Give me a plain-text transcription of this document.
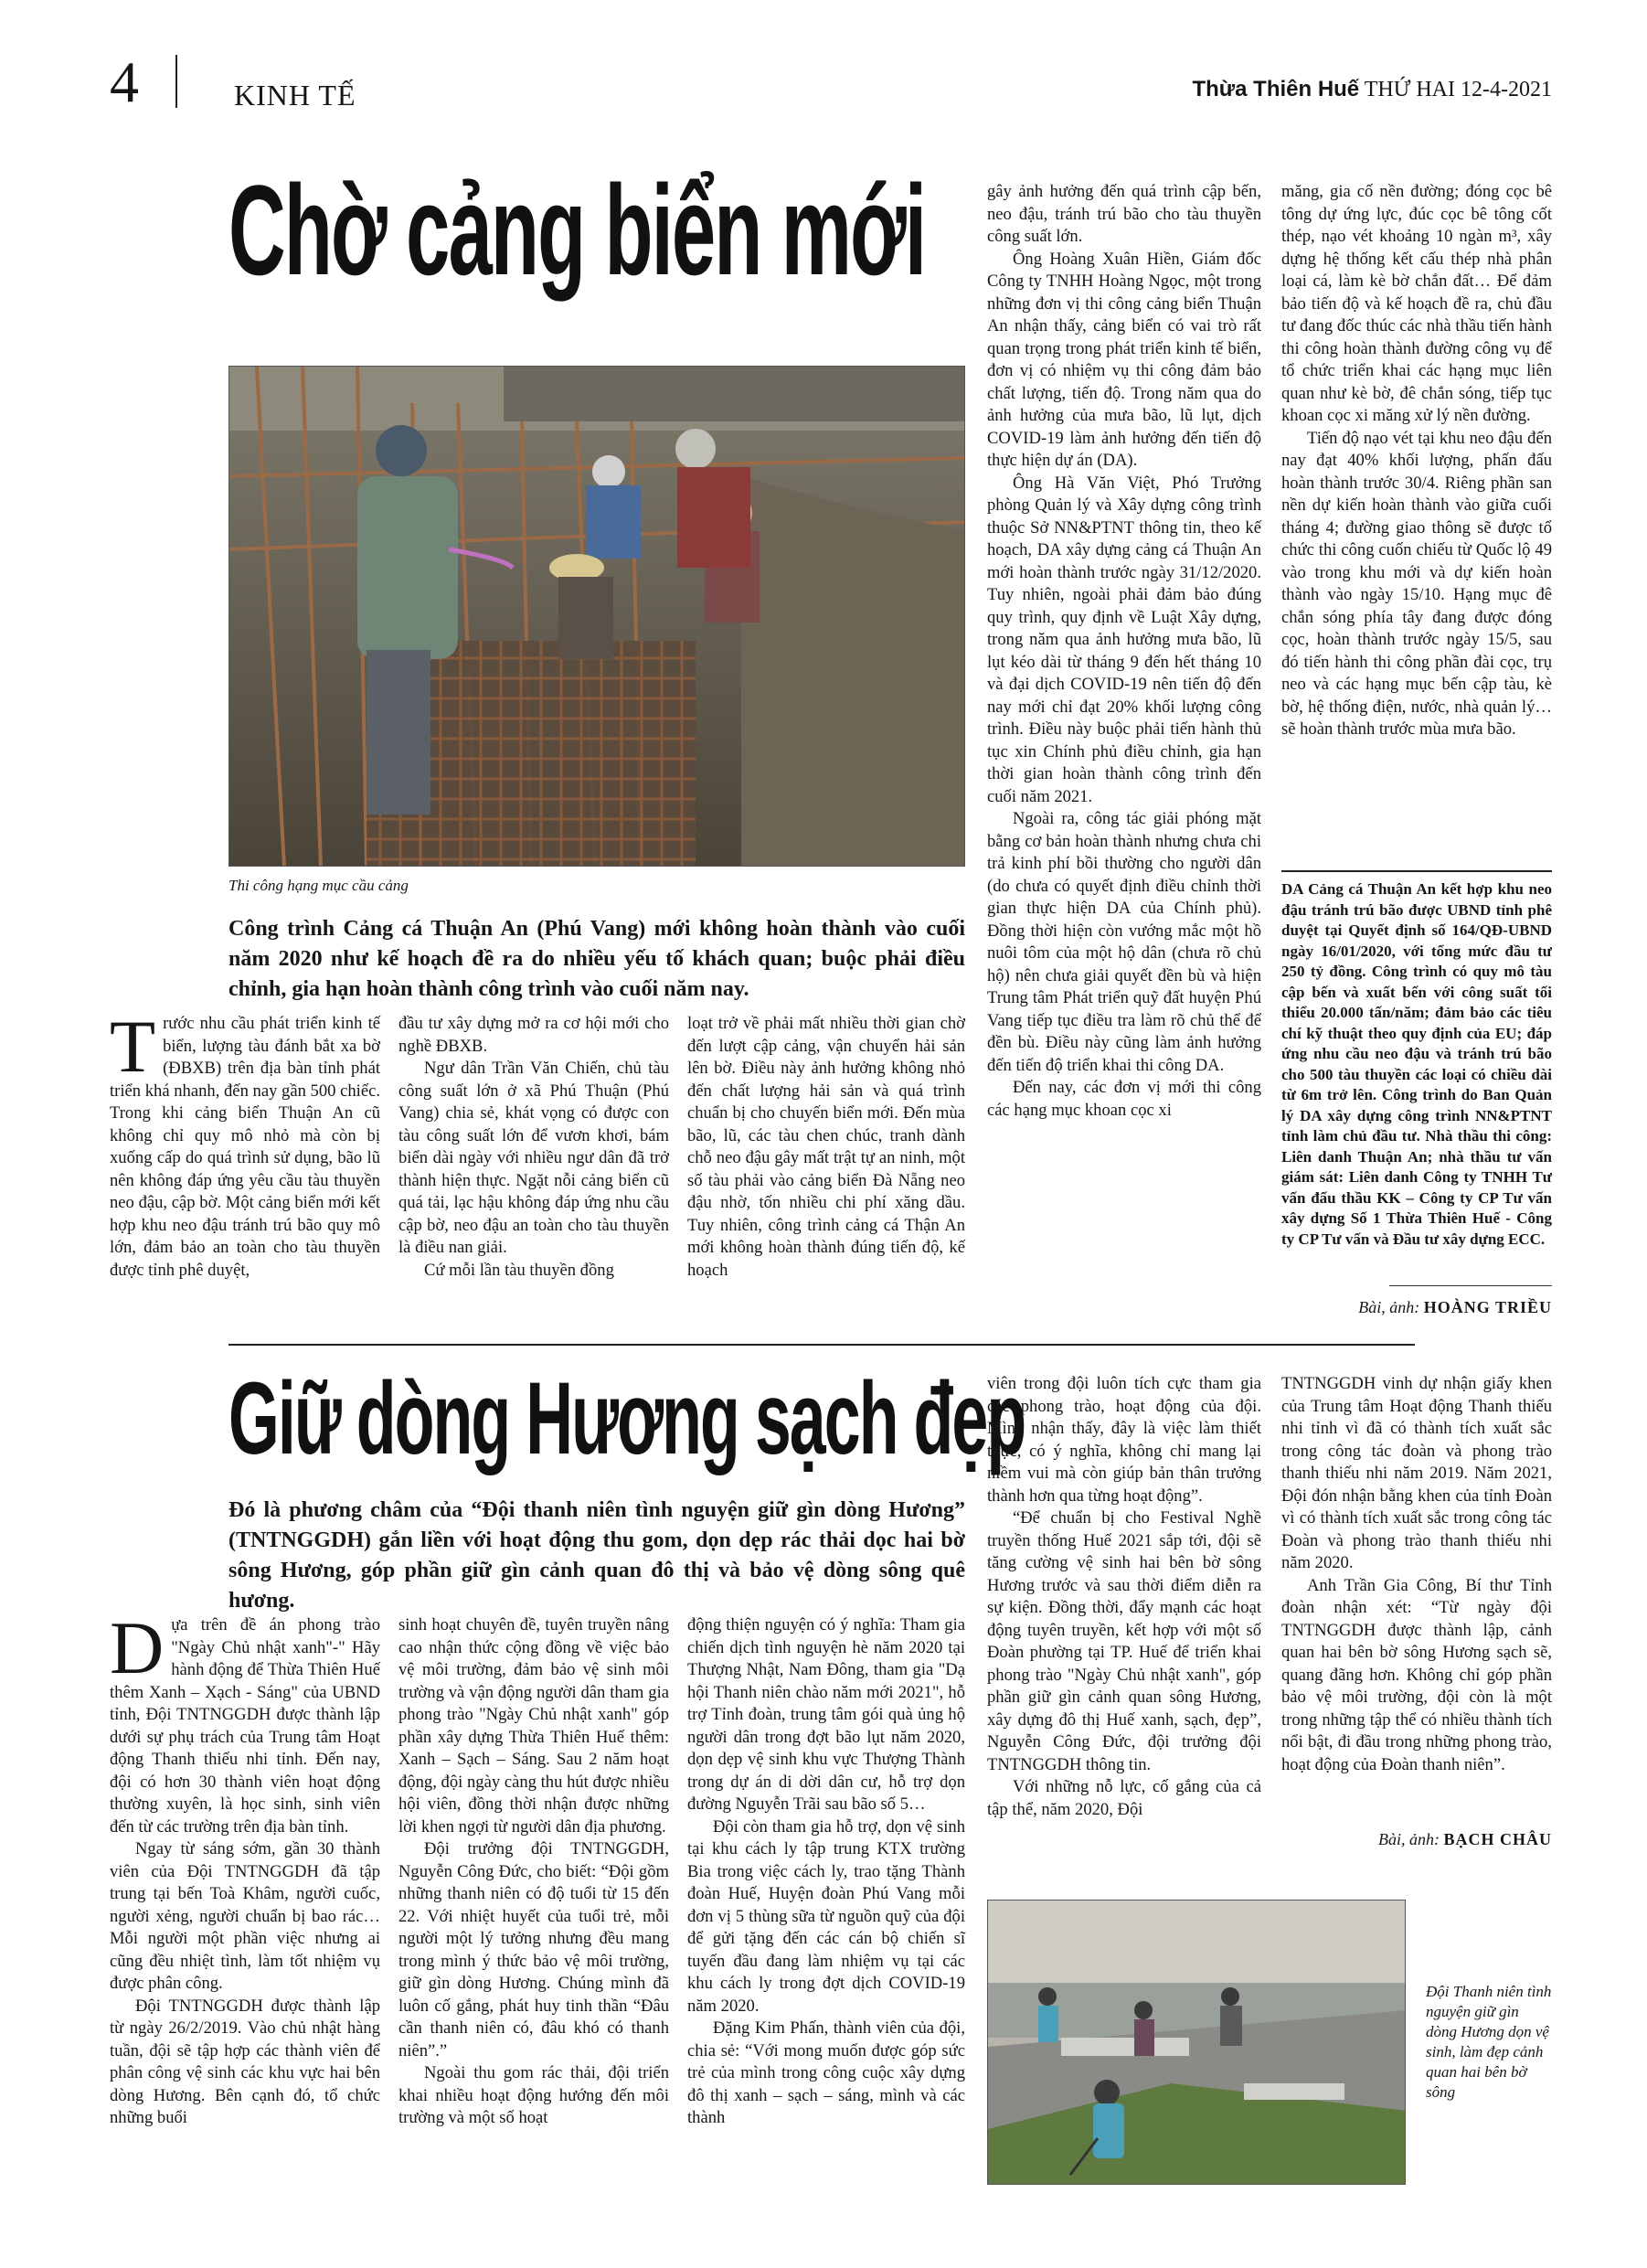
4	KINH TẾ	Thừa Thiên Huế THỨ HAI 12-4-2021
Chờ cảng biển mới
Thi công hạng mục cầu cảng
Công trình Cảng cá Thuận An (Phú Vang) mới không hoàn thành vào cuối năm 2020 như kế hoạch đề ra do nhiều yếu tố khách quan; buộc phải điều chỉnh, gia hạn hoàn thành công trình vào cuối năm nay.

Trước nhu cầu phát triển kinh tế biển, lượng tàu đánh bắt xa bờ (ĐBXB) trên địa bàn tỉnh phát triển khá nhanh, đến nay gần 500 chiếc. Trong khi cảng biển Thuận An cũ không chỉ quy mô nhỏ mà còn bị xuống cấp do quá trình sử dụng, bão lũ nên không đáp ứng yêu cầu tàu thuyền neo đậu, cập bờ. Một cảng biển mới kết hợp khu neo đậu tránh trú bão quy mô lớn, đảm bảo an toàn cho tàu thuyền được tỉnh phê duyệt,

đầu tư xây dựng mở ra cơ hội mới cho nghề ĐBXB.

Ngư dân Trần Văn Chiến, chủ tàu công suất lớn ở xã Phú Thuận (Phú Vang) chia sẻ, khát vọng có được con tàu công suất lớn để vươn khơi, bám biển dài ngày với nhiều ngư dân đã trở thành hiện thực. Ngặt nỗi cảng biển cũ quá tải, lạc hậu không đáp ứng nhu cầu cập bờ, neo đậu an toàn cho tàu thuyền là điều nan giải.

Cứ mỗi lần tàu thuyền đồng

loạt trở về phải mất nhiều thời gian chờ đến lượt cập cảng, vận chuyển hải sản lên bờ. Điều này ảnh hưởng không nhỏ đến chất lượng hải sản và quá trình chuẩn bị cho chuyến biển mới. Đến mùa bão, lũ, các tàu chen chúc, tranh dành chỗ neo đậu gây mất trật tự an ninh, một số tàu phải vào cảng biển Đà Nẵng neo đậu nhờ, tốn nhiều chi phí xăng dầu. Tuy nhiên, công trình cảng cá Thận An mới không hoàn thành đúng tiến độ, kế hoạch

gây ảnh hưởng đến quá trình cập bến, neo đậu, tránh trú bão cho tàu thuyền công suất lớn.

Ông Hoàng Xuân Hiền, Giám đốc Công ty TNHH Hoàng Ngọc, một trong những đơn vị thi công cảng biển Thuận An nhận thấy, cảng biển có vai trò rất quan trọng trong phát triển kinh tế biển, đơn vị có nhiệm vụ thi công đảm bảo chất lượng, tiến độ. Trong năm qua do ảnh hưởng của mưa bão, lũ lụt, dịch COVID-19 làm ảnh hưởng đến tiến độ thực hiện dự án (DA).

Ông Hà Văn Việt, Phó Trưởng phòng Quản lý và Xây dựng công trình thuộc Sở NN&PTNT thông tin, theo kế hoạch, DA xây dựng cảng cá Thuận An mới hoàn thành trước ngày 31/12/2020. Tuy nhiên, ngoài phải đảm bảo đúng quy trình, quy định về Luật Xây dựng, trong năm qua ảnh hưởng mưa bão, lũ lụt kéo dài từ tháng 9 đến hết tháng 10 và đại dịch COVID-19 nên tiến độ đến nay mới chỉ đạt 20% khối lượng công trình. Điều này buộc phải tiến hành thủ tục xin Chính phủ điều chỉnh, gia hạn thời gian hoàn thành công trình đến cuối năm 2021.

Ngoài ra, công tác giải phóng mặt bằng cơ bản hoàn thành nhưng chưa chi trả kinh phí bồi thường cho người dân (do chưa có quyết định điều chỉnh thời gian thực hiện DA của Chính phủ). Đồng thời hiện còn vướng mắc một hồ nuôi tôm của một hộ dân (chưa rõ chủ hộ) nên chưa giải quyết đền bù và hiện Trung tâm Phát triển quỹ đất huyện Phú Vang tiếp tục điều tra làm rõ chủ thể để đền bù. Điều này cũng làm ảnh hưởng đến tiến độ triển khai thi công DA.

Đến nay, các đơn vị mới thi công các hạng mục khoan cọc xi

măng, gia cố nền đường; đóng cọc bê tông dự ứng lực, đúc cọc bê tông cốt thép, nạo vét khoảng 10 ngàn m³, xây dựng hệ thống kết cấu thép nhà phân loại cá, làm kè bờ chắn đất… Để đảm bảo tiến độ và kế hoạch đề ra, chủ đầu tư đang đốc thúc các nhà thầu tiến hành thi công hoàn thành đường công vụ để tổ chức triển khai các hạng mục liên quan như kè bờ, đê chắn sóng, tiếp tục khoan cọc xi măng xử lý nền đường.

Tiến độ nạo vét tại khu neo đậu đến nay đạt 40% khối lượng, phấn đấu hoàn thành trước 30/4. Riêng phần san nền dự kiến hoàn thành vào giữa cuối tháng 4; đường giao thông sẽ được tổ chức thi công cuốn chiếu từ Quốc lộ 49 vào trong khu mới và dự kiến hoàn thành vào ngày 15/10. Hạng mục đê chắn sóng phía tây đang được đóng cọc, hoàn thành trước ngày 15/5, sau đó tiến hành thi công phần đài cọc, trụ neo và các hạng mục bến cập tàu, kè bờ, hệ thống điện, nước, nhà quản lý… sẽ hoàn thành trước mùa mưa bão.

DA Cảng cá Thuận An kết hợp khu neo đậu tránh trú bão được UBND tỉnh phê duyệt tại Quyết định số 164/QĐ-UBND ngày 16/01/2020, với tổng mức đầu tư 250 tỷ đồng. Công trình có quy mô tàu cập bến và xuất bến với công suất tối thiểu 20.000 tấn/năm; đảm bảo các tiêu chí kỹ thuật theo quy định của EU; đáp ứng nhu cầu neo đậu và tránh trú bão cho 500 tàu thuyền các loại có chiều dài từ 6m trở lên. Công trình do Ban Quản lý DA xây dựng công trình NN&PTNT tỉnh làm chủ đầu tư. Nhà thầu thi công: Liên danh Thuận An; nhà thầu tư vấn giám sát: Liên danh Công ty TNHH Tư vấn đấu thầu KK – Công ty CP Tư vấn xây dựng Số 1 Thừa Thiên Huế - Công ty CP Tư vấn và Đầu tư xây dựng ECC.
Bài, ảnh: HOÀNG TRIỀU
Giữ dòng Hương sạch đẹp
Đó là phương châm của “Đội thanh niên tình nguyện giữ gìn dòng Hương” (TNTNGGDH) gắn liền với hoạt động thu gom, dọn dẹp rác thải dọc hai bờ sông Hương, góp phần giữ gìn cảnh quan đô thị và bảo vệ dòng sông quê hương.

Dựa trên đề án phong trào "Ngày Chủ nhật xanh"-" Hãy hành động để Thừa Thiên Huế thêm Xanh – Xạch - Sáng" của UBND tỉnh, Đội TNTNGGDH được thành lập dưới sự phụ trách của Trung tâm Hoạt động Thanh thiếu nhi tỉnh. Đến nay, đội có hơn 30 thành viên hoạt động thường xuyên, là học sinh, sinh viên đến từ các trường trên địa bàn tỉnh.

Ngay từ sáng sớm, gần 30 thành viên của Đội TNTNGGDH đã tập trung tại bến Toà Khâm, người cuốc, người xẻng, người chuẩn bị bao rác… Mỗi người một phần việc nhưng ai cũng đều nhiệt tình, làm tốt nhiệm vụ được phân công.

Đội TNTNGGDH được thành lập từ ngày 26/2/2019. Vào chủ nhật hàng tuần, đội sẽ tập hợp các thành viên để phân công vệ sinh các khu vực hai bên dòng Hương. Bên cạnh đó, tổ chức những buổi

sinh hoạt chuyên đề, tuyên truyền nâng cao nhận thức cộng đồng về việc bảo vệ môi trường, đảm bảo vệ sinh môi trường và vận động người dân tham gia phong trào "Ngày Chủ nhật xanh" góp phần xây dựng Thừa Thiên Huế thêm: Xanh – Sạch – Sáng. Sau 2 năm hoạt động, đội ngày càng thu hút được nhiều hội viên, đồng thời nhận được những lời khen ngợi từ người dân địa phương.

Đội trưởng đội TNTNGGDH, Nguyễn Công Đức, cho biết: “Đội gồm những thanh niên có độ tuổi từ 15 đến 22. Với nhiệt huyết của tuổi trẻ, mỗi người một lý tưởng nhưng đều mang trong mình ý thức bảo vệ môi trường, giữ gìn dòng Hương. Chúng mình đã luôn cố gắng, phát huy tinh thần “Đâu cần thanh niên có, đâu khó có thanh niên”.”

Ngoài thu gom rác thải, đội triển khai nhiều hoạt động hướng đến môi trường và một số hoạt

động thiện nguyện có ý nghĩa: Tham gia chiến dịch tình nguyện hè năm 2020 tại Thượng Nhật, Nam Đông, tham gia "Dạ hội Thanh niên chào năm mới 2021", hỗ trợ Tỉnh đoàn, trung tâm gói quà ủng hộ người dân trong đợt bão lụt năm 2020, dọn dẹp vệ sinh khu vực Thượng Thành trong dự án di dời dân cư, hỗ trợ dọn đường Nguyễn Trãi sau bão số 5…

Đội còn tham gia hỗ trợ, dọn vệ sinh tại khu cách ly tập trung KTX trường Bia trong việc cách ly, trao tặng Thành đoàn Huế, Huyện đoàn Phú Vang mỗi đơn vị 5 thùng sữa từ nguồn quỹ của đội để gửi tặng đến các cán bộ chiến sĩ tuyến đầu đang làm nhiệm vụ tại các khu cách ly trong đợt dịch COVID-19 năm 2020.

Đặng Kim Phấn, thành viên của đội, chia sẻ: “Với mong muốn được góp sức trẻ của mình trong công cuộc xây dựng đô thị xanh – sạch – sáng, mình và các thành

viên trong đội luôn tích cực tham gia các phong trào, hoạt động của đội. Mình nhận thấy, đây là việc làm thiết thực, có ý nghĩa, không chỉ mang lại niềm vui mà còn giúp bản thân trưởng thành hơn qua từng hoạt động”.

“Để chuẩn bị cho Festival Nghề truyền thống Huế 2021 sắp tới, đội sẽ tăng cường vệ sinh hai bên bờ sông Hương trước và sau thời điểm diễn ra sự kiện. Đồng thời, đẩy mạnh các hoạt động tuyên truyền, kết hợp với một số Đoàn phường tại TP. Huế để triển khai phong trào "Ngày Chủ nhật xanh", góp phần giữ gìn cảnh quan sông Hương, xây dựng đô thị Huế xanh, sạch, đẹp”, Nguyễn Công Đức, đội trưởng đội TNTNGGDH thông tin.

Với những nỗ lực, cố gắng của cả tập thể, năm 2020, Đội

TNTNGGDH vinh dự nhận giấy khen của Trung tâm Hoạt động Thanh thiếu nhi tỉnh vì đã có thành tích xuất sắc trong công tác đoàn và phong trào thanh thiếu nhi năm 2019. Năm 2021, Đội đón nhận bằng khen của tỉnh Đoàn vì có thành tích xuất sắc trong công tác Đoàn và phong trào thanh thiếu nhi năm 2020.

Anh Trần Gia Công, Bí thư Tỉnh đoàn nhận xét: “Từ ngày đội TNTNGGDH được thành lập, cảnh quan hai bên bờ sông Hương sạch sẽ, quang đãng hơn. Không chỉ góp phần bảo vệ môi trường, đội còn là một trong những tập thể có nhiều thành tích nổi bật, đi đầu trong những phong trào, hoạt động của Đoàn thanh niên”.

Bài, ảnh: BẠCH CHÂU
Đội Thanh niên tình nguyện giữ gìn dòng Hương dọn vệ sinh, làm đẹp cảnh quan hai bên bờ sông
